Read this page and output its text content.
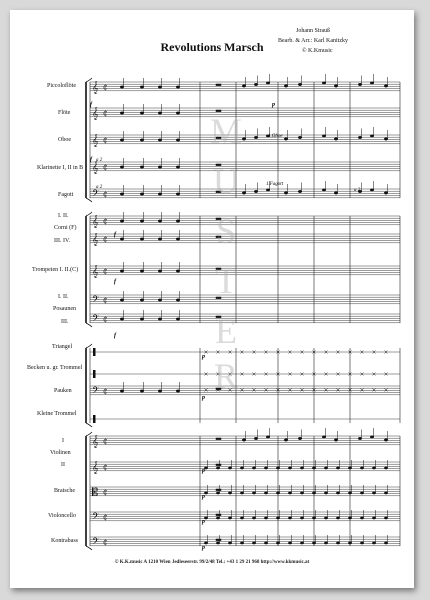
Revolutions Marsch
Johann Strauß
Bearb. & Arr.: Karl Kanitzky
© K.Kmusic
Piccoloflöte
Flöte
Oboe
Klarinette I, II in B
Fagott
I. II.
Corni (F)
III. IV.
Trompeten I. II.(C)
I. II.
Posaunen
III.
Triangel
Becken u. gr. Trommel
Pauken
Kleine Trommel
I
Violinen
II
Bratsche
Violoncello
Kontrabass
𝄞 ₵
𝄞 ₵
𝄞 ₵
𝄞 ₵
𝄢 ₵
𝄞 ₵
𝄞 ₵
𝄞 ₵
𝄢 ₵
𝄢 ₵
𝄢 ₵
𝄞 ₵
𝄞 ₵
𝄡 ₵
𝄢 ₵
𝄢 ₵
f
f a 2
a 2
f
f
f
p
1.Oboe
1.Fagott
a 2
p
p
p
p
p
p
M
U
S
T
E
R
© K.K.music A 1210 Wien Jedleseerstr. 99/2/48 Tel.: +43 1 29 21 968 http://www.kkmusic.at
